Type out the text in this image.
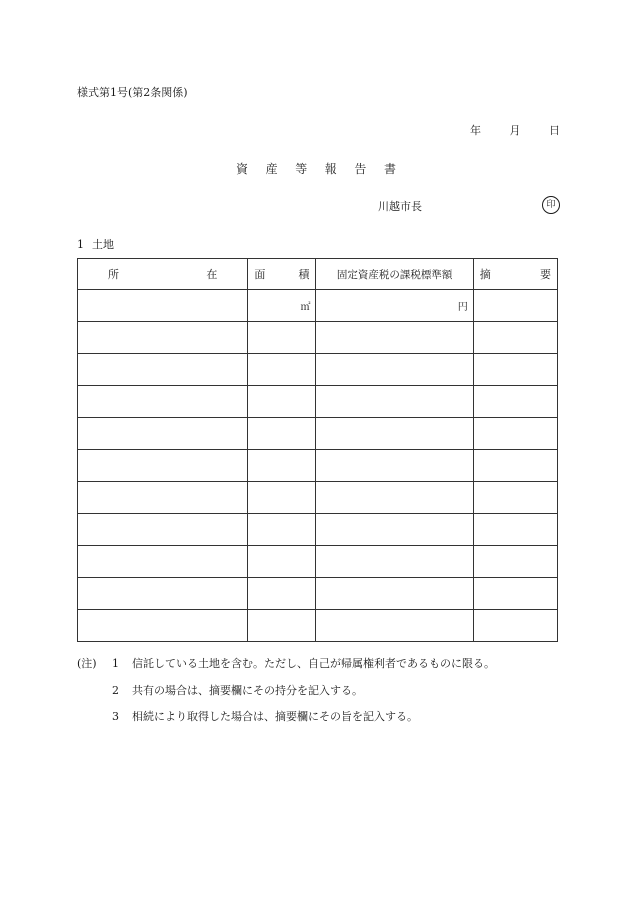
様式第1号(第2条関係)
年	月	日
資 産 等 報 告 書
川越市長	印
1 土地
所 在	面 積	固定資産税の課税標準額	摘 要

	㎡	円	

(注) 1 信託している土地を含む。ただし、自己が帰属権利者であるものに限る。
2 共有の場合は、摘要欄にその持分を記入する。
3 相続により取得した場合は、摘要欄にその旨を記入する。
